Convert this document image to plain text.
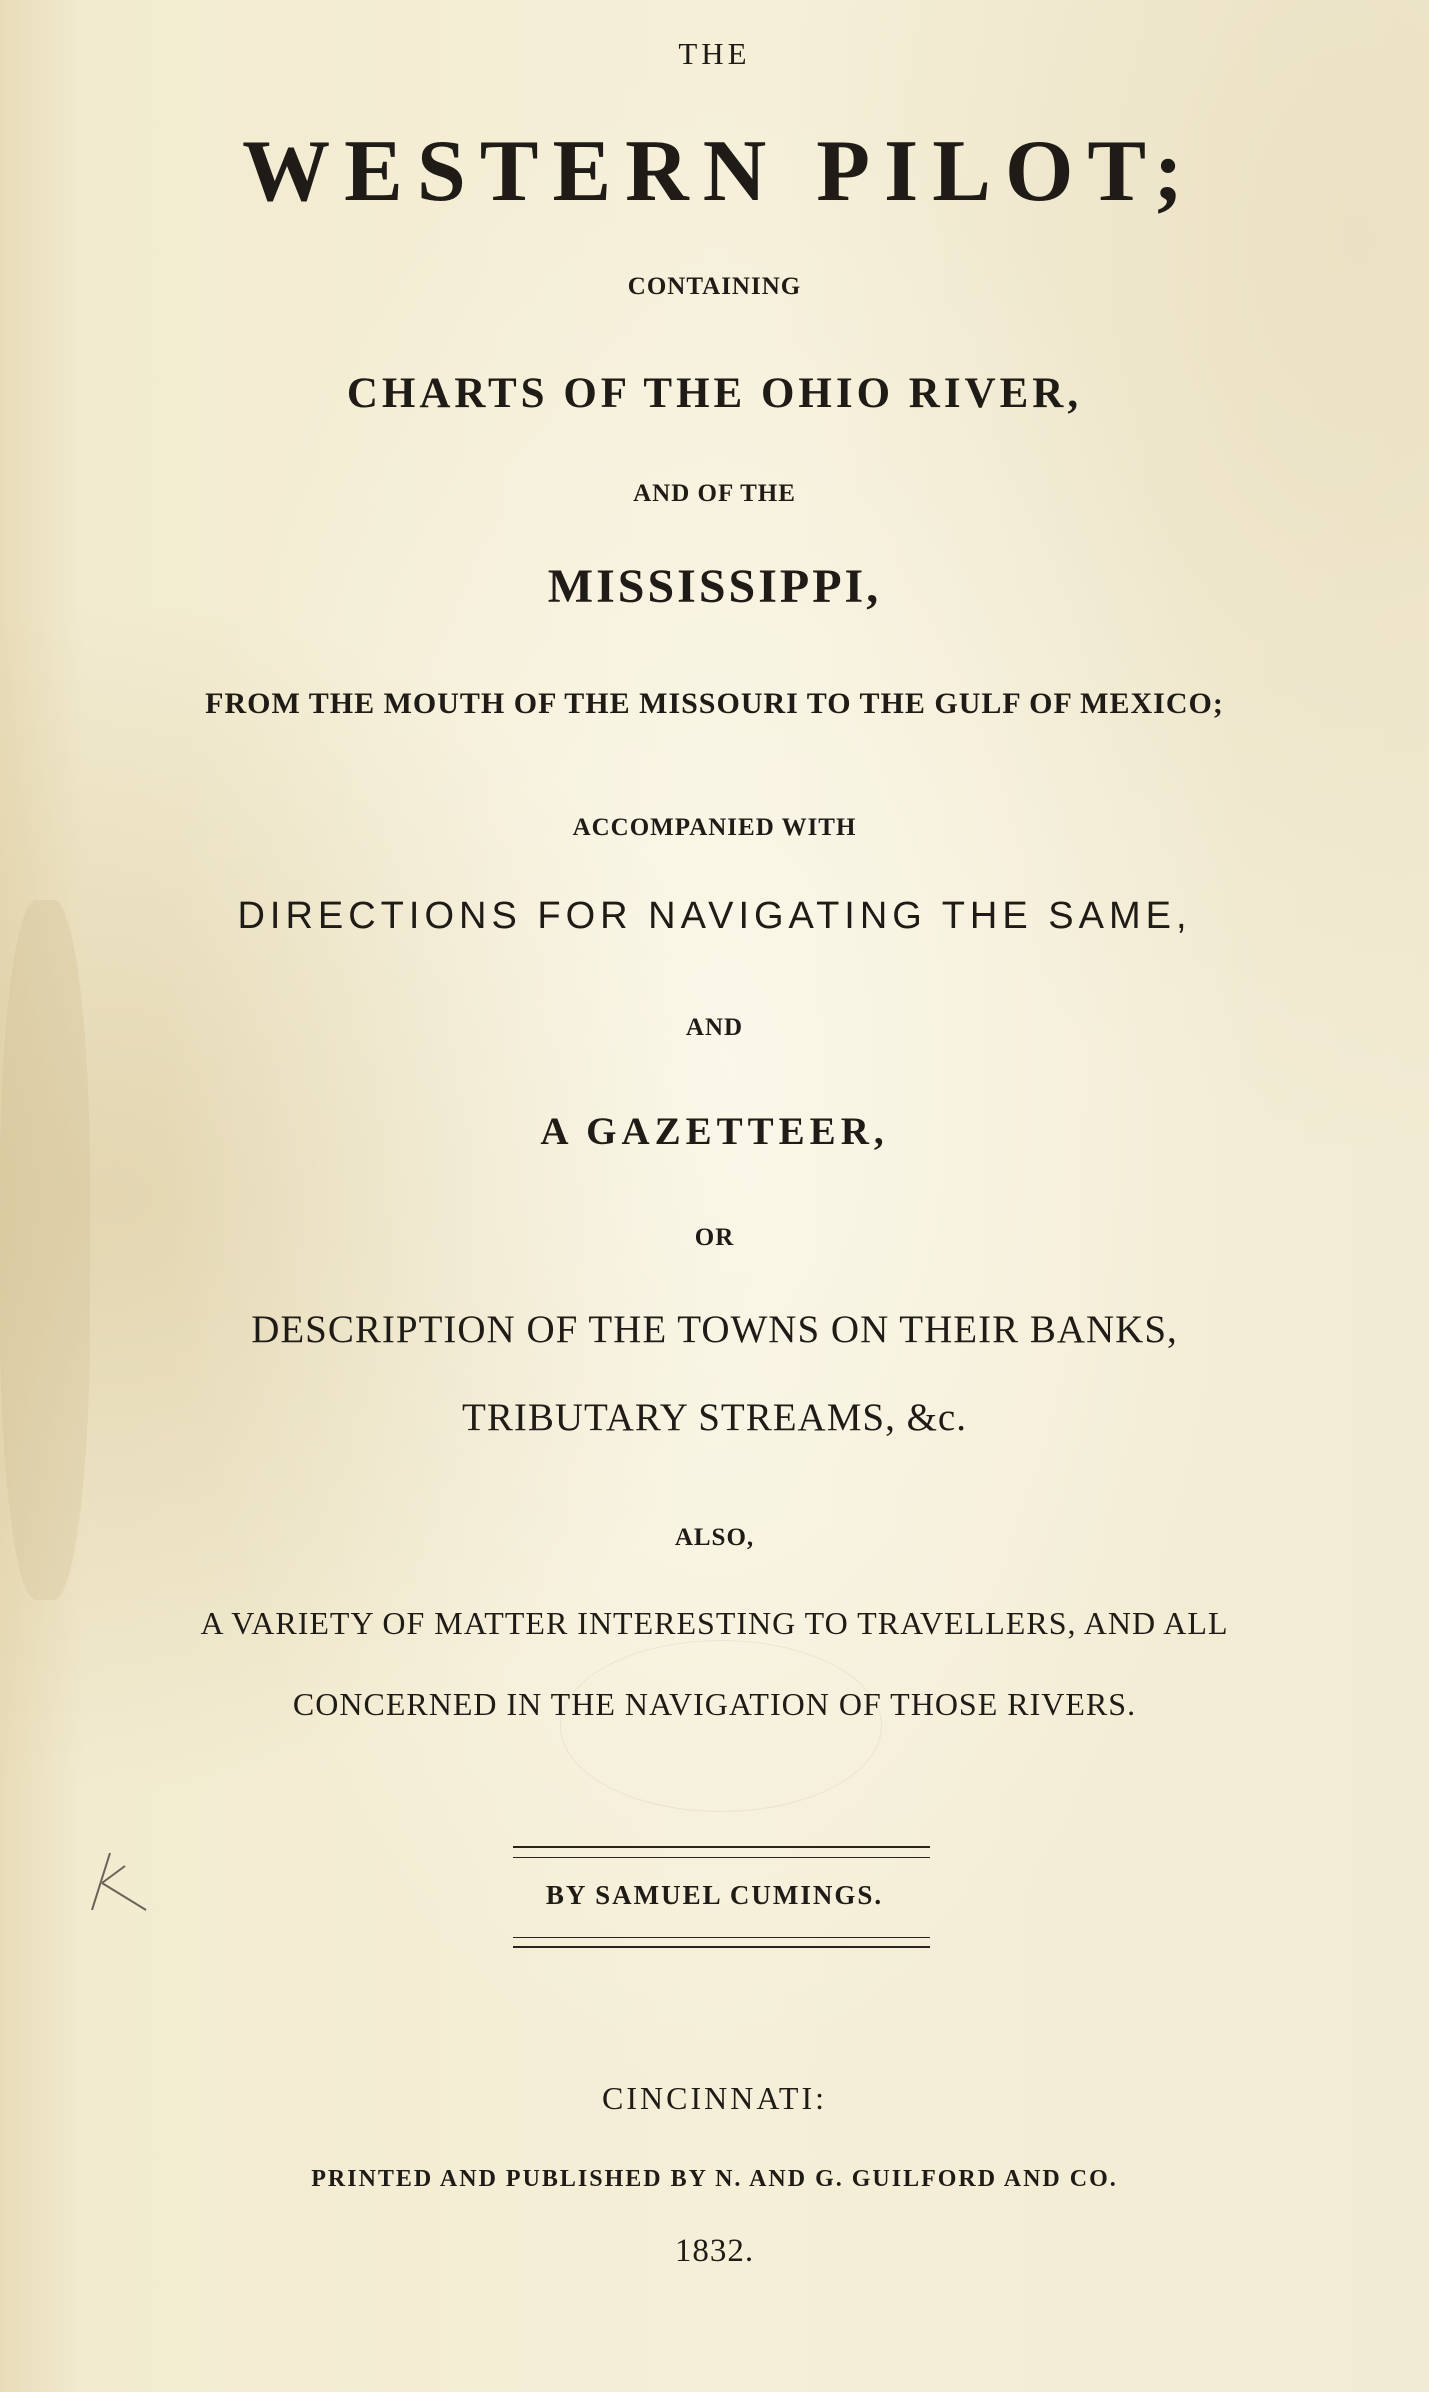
THE

WESTERN PILOT;

CONTAINING

CHARTS OF THE OHIO RIVER,

AND OF THE

MISSISSIPPI,

FROM THE MOUTH OF THE MISSOURI TO THE GULF OF MEXICO;

ACCOMPANIED WITH

DIRECTIONS FOR NAVIGATING THE SAME,

AND

A GAZETTEER,

OR

DESCRIPTION OF THE TOWNS ON THEIR BANKS,

TRIBUTARY STREAMS, &c.

ALSO,

A VARIETY OF MATTER INTERESTING TO TRAVELLERS, AND ALL

CONCERNED IN THE NAVIGATION OF THOSE RIVERS.

BY SAMUEL CUMINGS.

CINCINNATI:

PRINTED AND PUBLISHED BY N. AND G. GUILFORD AND CO.

1832.
